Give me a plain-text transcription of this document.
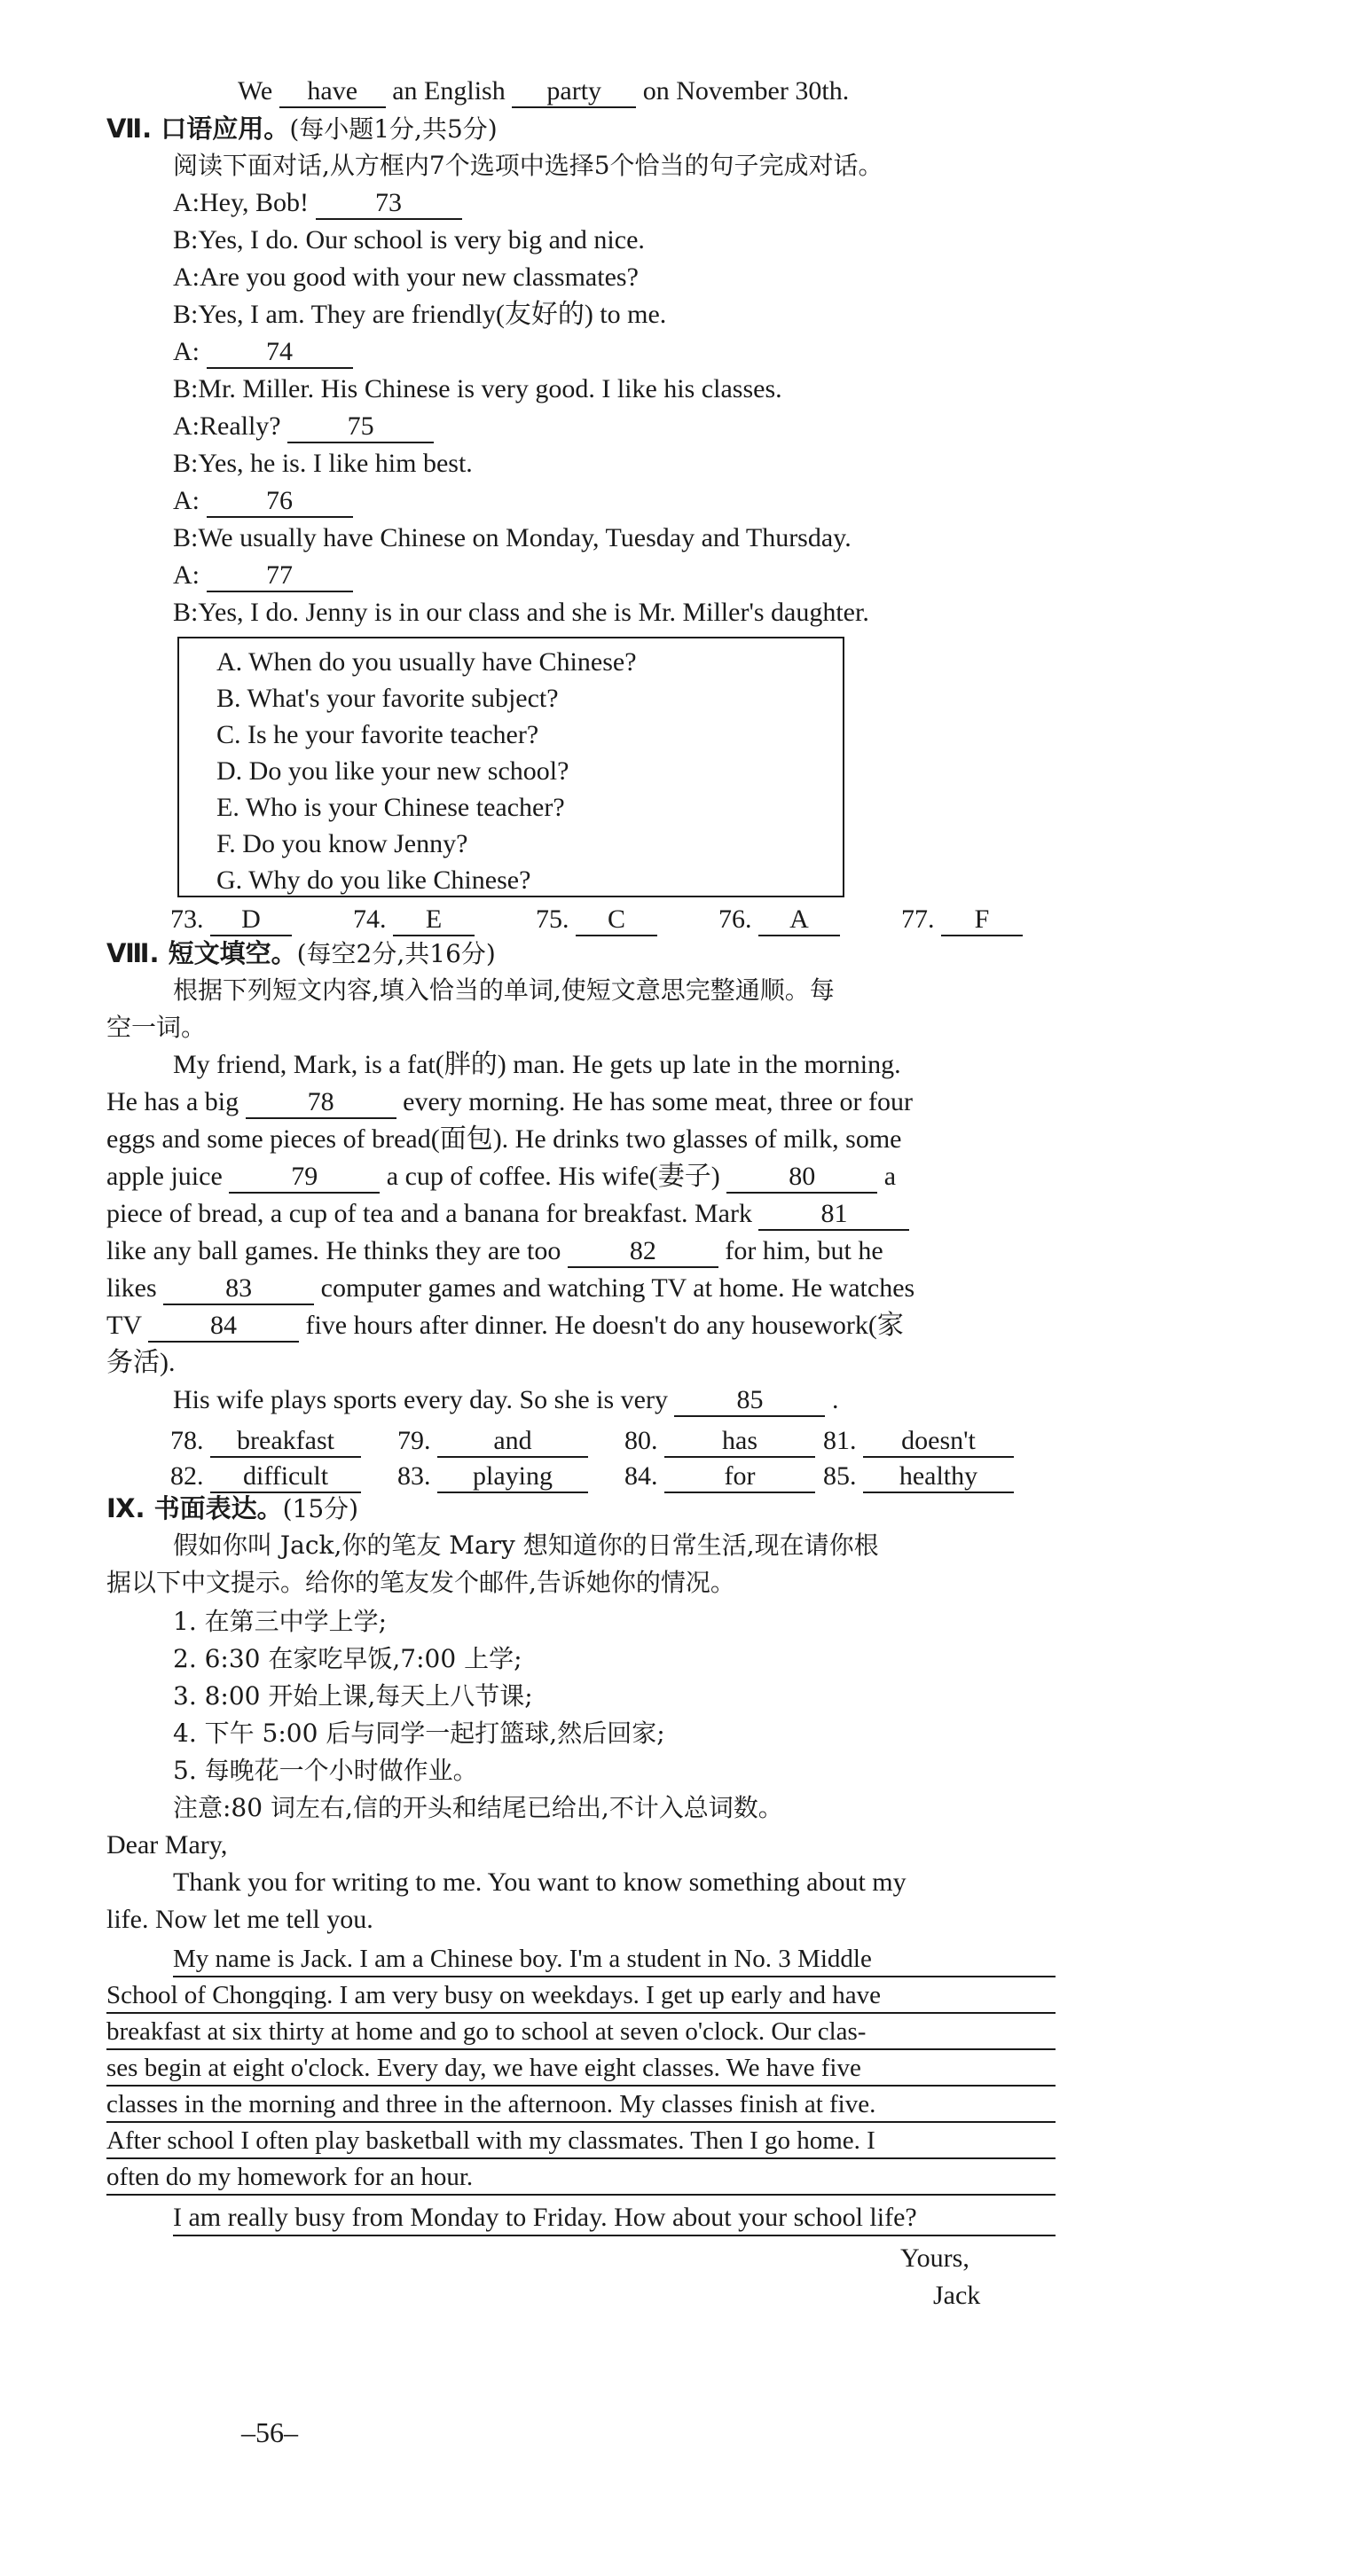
We have an English party on November 30th.
Ⅶ. 口语应用。(每小题1分,共5分)
阅读下面对话,从方框内7个选项中选择5个恰当的句子完成对话。
A:Hey, Bob!	73
B:Yes, I do. Our school is very big and nice.
A:Are you good with your new classmates?
B:Yes, I am. They are friendly(友好的) to me.
A:	74
B:Mr. Miller. His Chinese is very good. I like his classes.
A:Really?	75
B:Yes, he is. I like him best.
A:	76
B:We usually have Chinese on Monday, Tuesday and Thursday.
A:	77
B:Yes, I do. Jenny is in our class and she is Mr. Miller's daughter.
A. When do you usually have Chinese?
B. What's your favorite subject?
C. Is he your favorite teacher?
D. Do you like your new school?
E. Who is your Chinese teacher?
F. Do you know Jenny?
G. Why do you like Chinese?
73. D	74. E	75. C	76. A	77. F
Ⅷ. 短文填空。(每空2分,共16分)
根据下列短文内容,填入恰当的单词,使短文意思完整通顺。每
空一词。
My friend, Mark, is a fat(胖的) man. He gets up late in the morning.
He has a big	78	every morning. He has some meat, three or four
eggs and some pieces of bread(面包). He drinks two glasses of milk, some
apple juice	79	a cup of coffee. His wife(妻子)	80	a
piece of bread, a cup of tea and a banana for breakfast. Mark	81
like any ball games. He thinks they are too	82	for him, but he
likes	83	computer games and watching TV at home. He watches
TV	84	five hours after dinner. He doesn't do any housework(家
务活).
His wife plays sports every day. So she is very	85	.
78. breakfast	79. and	80. has	81. doesn't
82. difficult	83. playing	84.	for	85. healthy
Ⅸ. 书面表达。(15分)
假如你叫 Jack,你的笔友 Mary 想知道你的日常生活,现在请你根
据以下中文提示。给你的笔友发个邮件,告诉她你的情况。
1. 在第三中学上学;
2. 6:30 在家吃早饭,7:00 上学;
3. 8:00 开始上课,每天上八节课;
4. 下午 5:00 后与同学一起打篮球,然后回家;
5. 每晚花一个小时做作业。
注意:80 词左右,信的开头和结尾已给出,不计入总词数。
Dear Mary,
Thank you for writing to me. You want to know something about my
life. Now let me tell you.
My name is Jack. I am a Chinese boy. I'm a student in No. 3 Middle
School of Chongqing. I am very busy on weekdays. I get up early and have
breakfast at six thirty at home and go to school at seven o'clock. Our clas-
ses begin at eight o'clock. Every day, we have eight classes. We have five
classes in the morning and three in the afternoon. My classes finish at five.
After school I often play basketball with my classmates. Then I go home. I
often do my homework for an hour.
I am really busy from Monday to Friday. How about your school life?
Yours,
Jack
–56–
